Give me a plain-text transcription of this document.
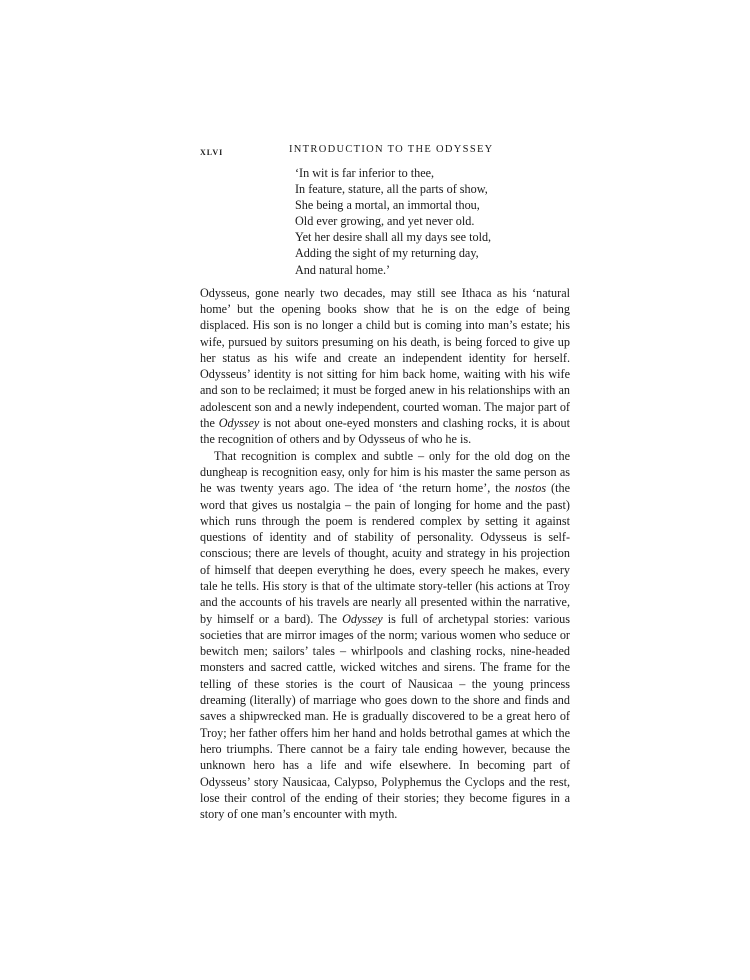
xlvi	INTRODUCTION TO THE ODYSSEY
‘In wit is far inferior to thee,
In feature, stature, all the parts of show,
She being a mortal, an immortal thou,
Old ever growing, and yet never old.
Yet her desire shall all my days see told,
Adding the sight of my returning day,
And natural home.’

Odysseus, gone nearly two decades, may still see Ithaca as his ‘natural home’ but the opening books show that he is on the edge of being displaced. His son is no longer a child but is coming into man’s estate; his wife, pursued by suitors presuming on his death, is being forced to give up her status as his wife and create an independent identity for herself. Odysseus’ identity is not sitting for him back home, waiting with his wife and son to be reclaimed; it must be forged anew in his relationships with an adolescent son and a newly independent, courted woman. The major part of the Odyssey is not about one-eyed monsters and clashing rocks, it is about the recognition of others and by Odysseus of who he is.

That recognition is complex and subtle – only for the old dog on the dungheap is recognition easy, only for him is his master the same person as he was twenty years ago. The idea of ‘the return home’, the nostos (the word that gives us nostalgia – the pain of longing for home and the past) which runs through the poem is rendered complex by setting it against questions of identity and of stability of personality. Odysseus is self-conscious; there are levels of thought, acuity and strategy in his projection of himself that deepen everything he does, every speech he makes, every tale he tells. His story is that of the ultimate story-teller (his actions at Troy and the accounts of his travels are nearly all presented within the narrative, by himself or a bard). The Odyssey is full of archetypal stories: various societies that are mirror images of the norm; various women who seduce or bewitch men; sailors’ tales – whirlpools and clashing rocks, nine-headed monsters and sacred cattle, wicked witches and sirens. The frame for the telling of these stories is the court of Nausicaa – the young princess dreaming (literally) of marriage who goes down to the shore and finds and saves a shipwrecked man. He is gradually discovered to be a great hero of Troy; her father offers him her hand and holds betrothal games at which the hero triumphs. There cannot be a fairy tale ending however, because the unknown hero has a life and wife elsewhere. In becoming part of Odysseus’ story Nausicaa, Calypso, Polyphemus the Cyclops and the rest, lose their control of the ending of their stories; they become figures in a story of one man’s encounter with myth.
